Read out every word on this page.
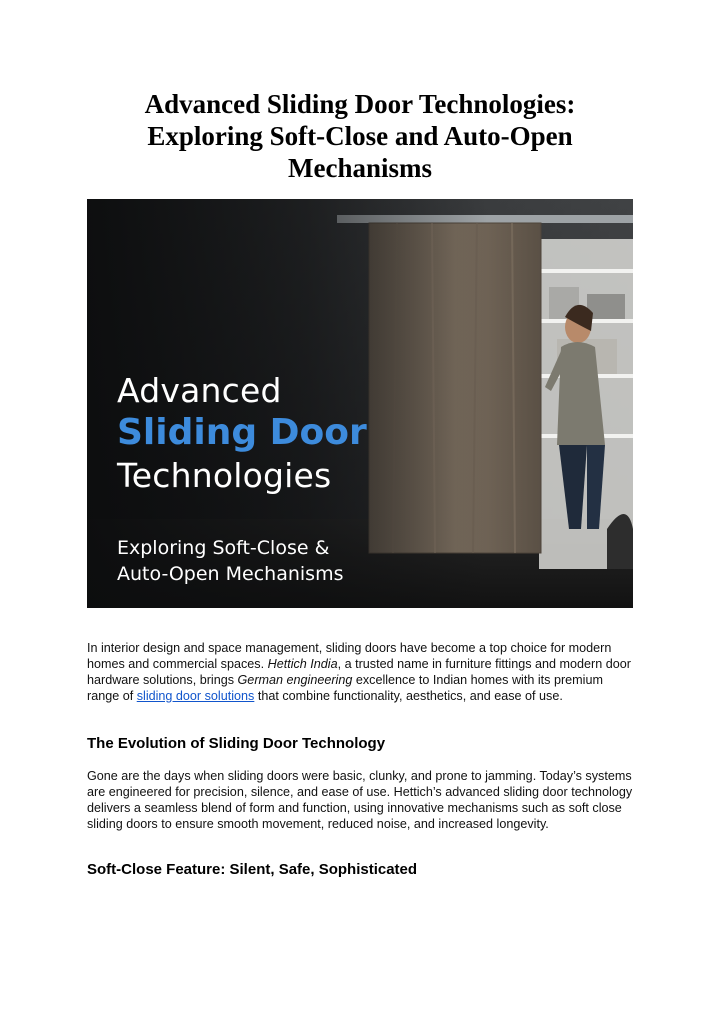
Advanced Sliding Door Technologies: Exploring Soft-Close and Auto-Open Mechanisms
Advanced
Sliding Door
Technologies
Exploring Soft-Close &
Auto-Open Mechanisms

In interior design and space management, sliding doors have become a top choice for modern homes and commercial spaces. Hettich India, a trusted name in furniture fittings and modern door hardware solutions, brings German engineering excellence to Indian homes with its premium range of sliding door solutions that combine functionality, aesthetics, and ease of use.

The Evolution of Sliding Door Technology

Gone are the days when sliding doors were basic, clunky, and prone to jamming. Today’s systems are engineered for precision, silence, and ease of use. Hettich’s advanced sliding door technology delivers a seamless blend of form and function, using innovative mechanisms such as soft close sliding doors to ensure smooth movement, reduced noise, and increased longevity.

Soft-Close Feature: Silent, Safe, Sophisticated
